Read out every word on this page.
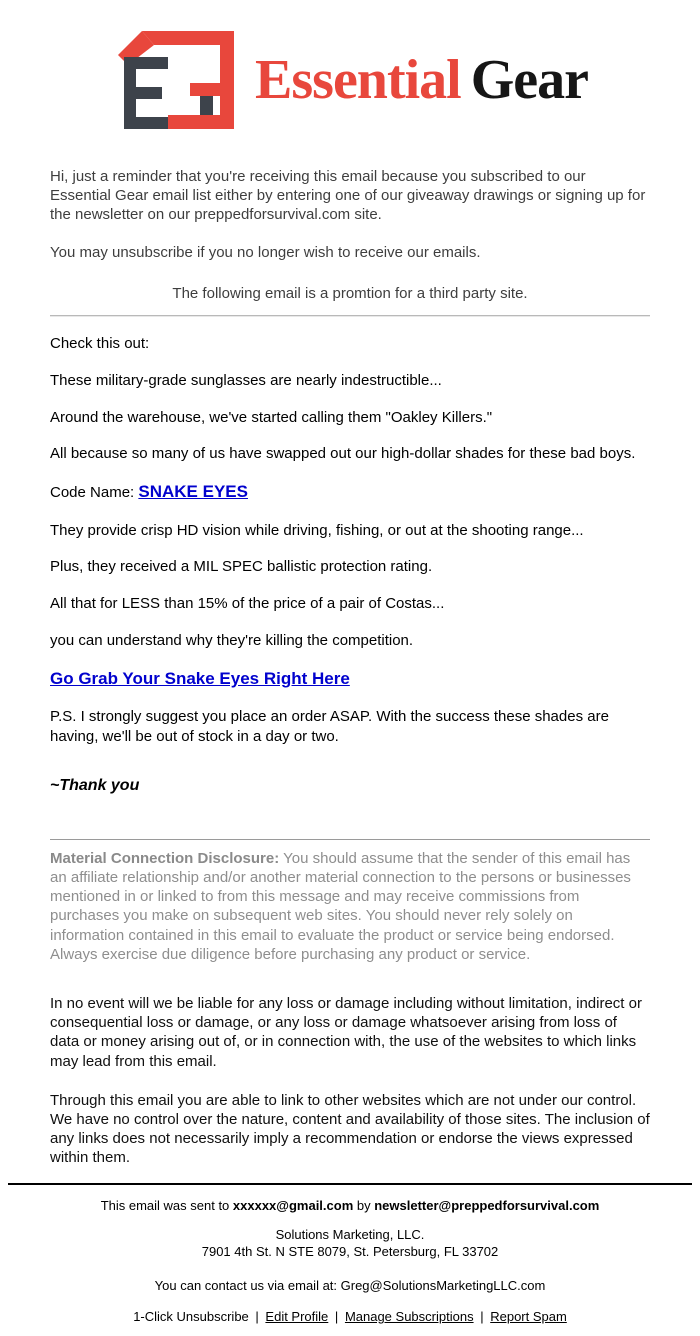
Essential Gear

Hi, just a reminder that you're receiving this email because you subscribed to our Essential Gear email list either by entering one of our giveaway drawings or signing up for the newsletter on our preppedforsurvival.com site.

You may unsubscribe if you no longer wish to receive our emails.

The following email is a promtion for a third party site.

Check this out:

These military-grade sunglasses are nearly indestructible...

Around the warehouse, we've started calling them "Oakley Killers."

All because so many of us have swapped out our high-dollar shades for these bad boys.

Code Name: SNAKE EYES

They provide crisp HD vision while driving, fishing, or out at the shooting range...

Plus, they received a MIL SPEC ballistic protection rating.

All that for LESS than 15% of the price of a pair of Costas...

you can understand why they're killing the competition.

Go Grab Your Snake Eyes Right Here

P.S. I strongly suggest you place an order ASAP. With the success these shades are having, we'll be out of stock in a day or two.

~Thank you

Material Connection Disclosure: You should assume that the sender of this email has an affiliate relationship and/or another material connection to the persons or businesses mentioned in or linked to from this message and may receive commissions from purchases you make on subsequent web sites. You should never rely solely on information contained in this email to evaluate the product or service being endorsed. Always exercise due diligence before purchasing any product or service.

In no event will we be liable for any loss or damage including without limitation, indirect or consequential loss or damage, or any loss or damage whatsoever arising from loss of data or money arising out of, or in connection with, the use of the websites to which links may lead from this email.

Through this email you are able to link to other websites which are not under our control. We have no control over the nature, content and availability of those sites. The inclusion of any links does not necessarily imply a recommendation or endorse the views expressed within them.

This email was sent to xxxxxx@gmail.com by newsletter@preppedforsurvival.com

Solutions Marketing, LLC.
7901 4th St. N STE 8079, St. Petersburg, FL 33702

You can contact us via email at: Greg@SolutionsMarketingLLC.com

1-Click Unsubscribe | Edit Profile | Manage Subscriptions | Report Spam
